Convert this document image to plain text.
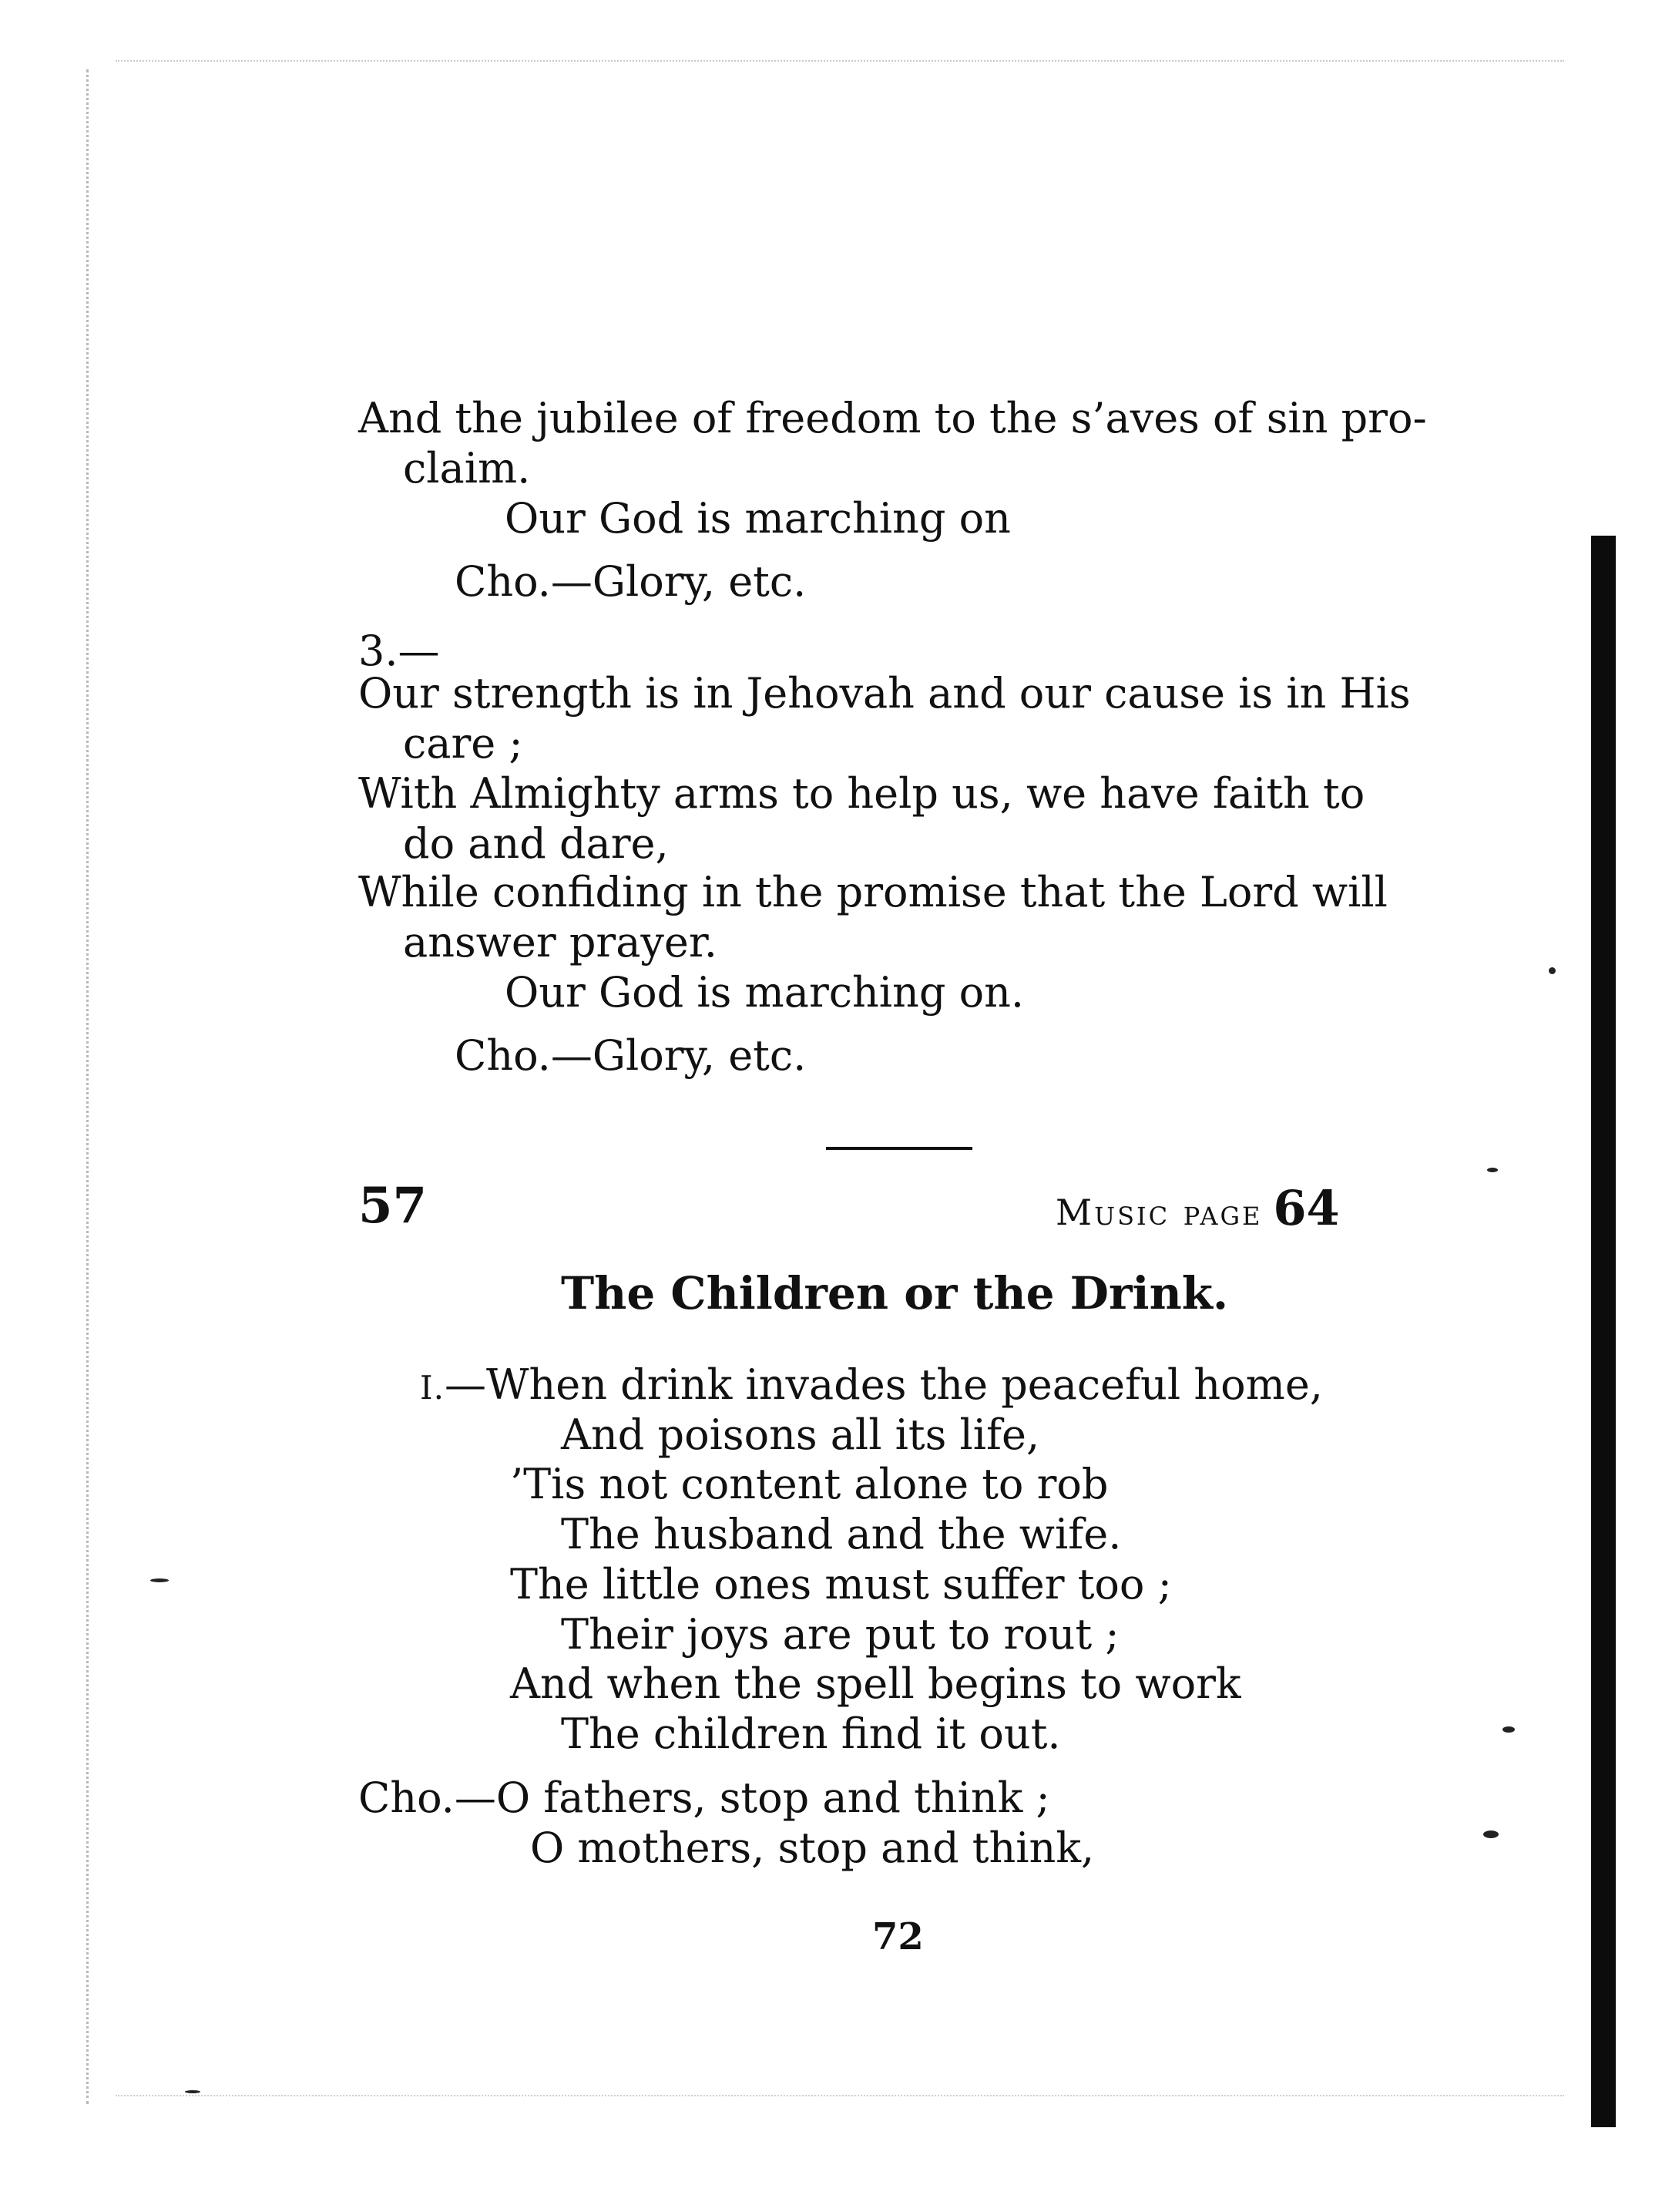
And the jubilee of freedom to the s’aves of sin pro-
claim.
Our God is marching on
Cho.—Glory, etc.
3.—
Our strength is in Jehovah and our cause is in His
care ;
With Almighty arms to help us, we have faith to
do and dare,
While confiding in the promise that the Lord will
answer prayer.
Our God is marching on.
Cho.—Glory, etc.
57	Music page 64
The Children or the Drink.
I.—When drink invades the peaceful home,
And poisons all its life,
’Tis not content alone to rob
The husband and the wife.
The little ones must suffer too ;
Their joys are put to rout ;
And when the spell begins to work
The children find it out.
Cho.—O fathers, stop and think ;
O mothers, stop and think,
72
